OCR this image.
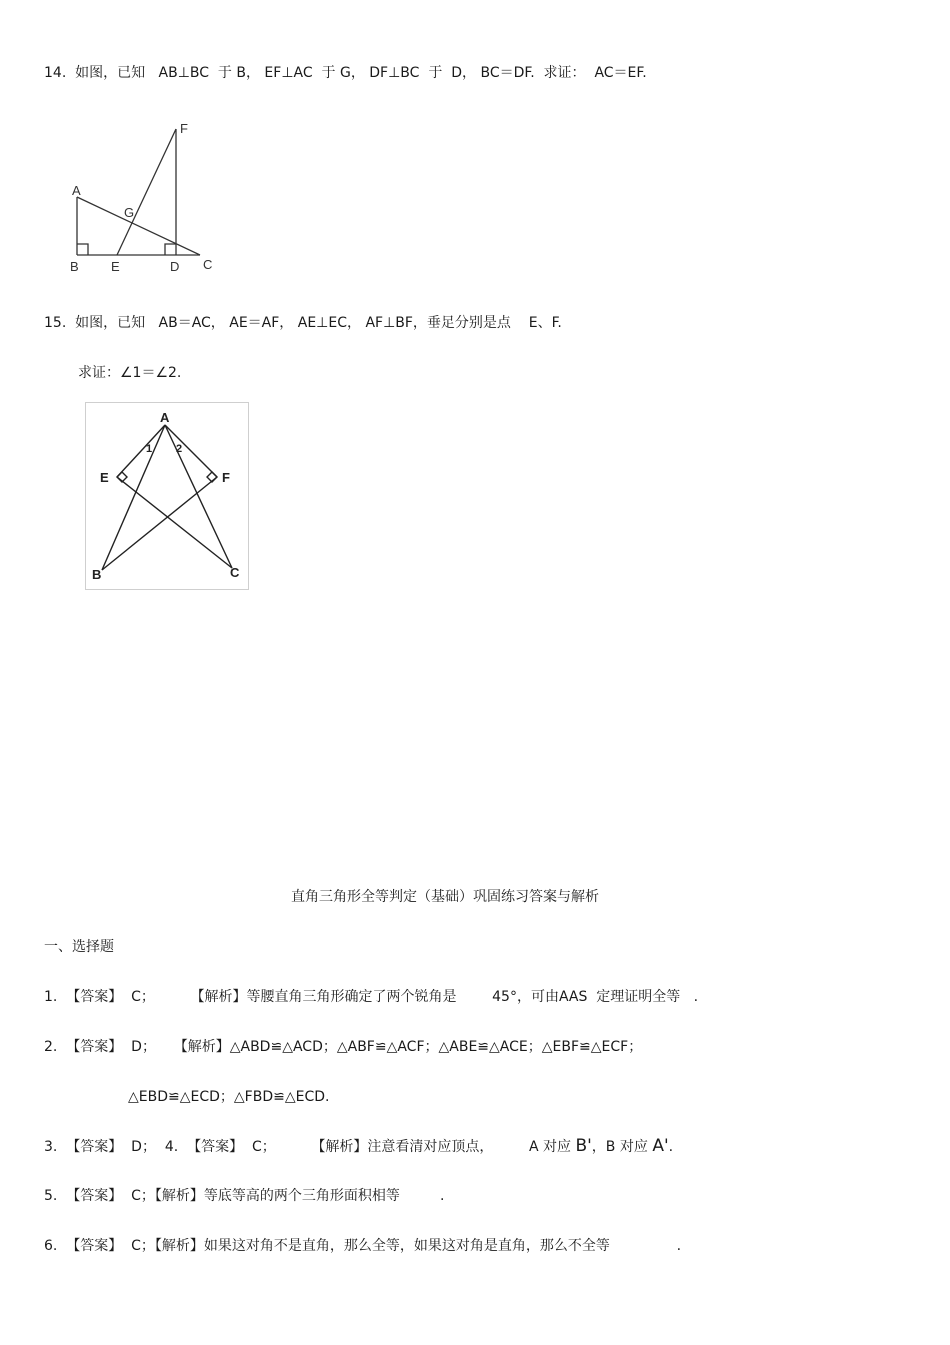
14.  如图，已知   AB⊥BC  于 B， EF⊥AC  于 G， DF⊥BC  于  D， BC＝DF.  求证：  AC＝EF.
A
B E	D C
F
G
15.  如图，已知   AB＝AC， AE＝AF， AE⊥EC， AF⊥BF，垂足分别是点    E、F.
求证：∠1＝∠2.
A
E	F
B	C
1 2
直角三角形全等判定（基础）巩固练习答案与解析
一、选择题
1.  【答案】  C；        【解析】等腰直角三角形确定了两个锐角是        45°，可由AAS  定理证明全等   .
2.  【答案】  D；    【解析】△ABD≌△ACD；△ABF≌△ACF；△ABE≌△ACE；△EBF≌△ECF；
△EBD≌△ECD；△FBD≌△ECD.
3.  【答案】  D；  4.  【答案】  C；        【解析】注意看清对应顶点，        A 对应 B'，B 对应 A'.
5.  【答案】  C；【解析】等底等高的两个三角形面积相等         .
6.  【答案】  C；【解析】如果这对角不是直角，那么全等，如果这对角是直角，那么不全等               .
